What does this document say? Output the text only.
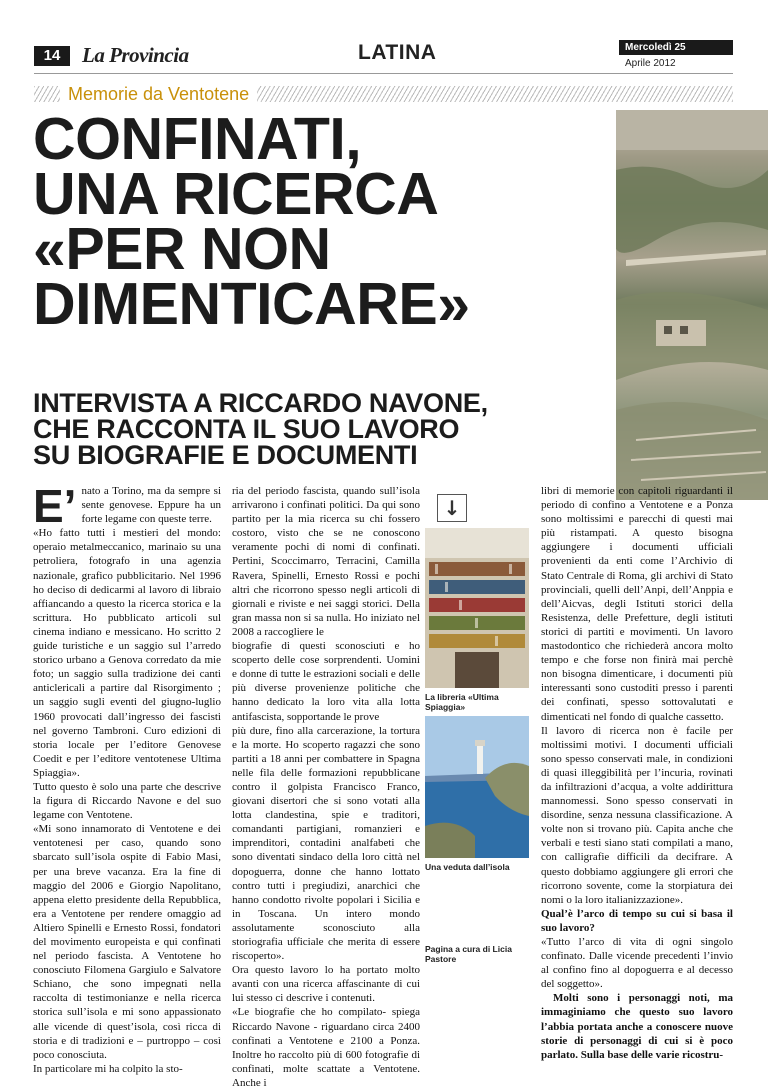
14	La Provincia	LATINA	Mercoledì 25
Aprile 2012
Memorie da Ventotene
CONFINATI,
UNA RICERCA
«PER NON
DIMENTICARE»
INTERVISTA A RICCARDO NAVONE,
CHE RACCONTA IL SUO LAVORO
SU BIOGRAFIE E DOCUMENTI
E’ nato a Torino, ma da sempre si sente genovese. Eppure ha un forte legame con queste terre.

«Ho fatto tutti i mestieri del mondo: operaio metalmeccanico, marinaio su una petroliera, fotografo in una agenzia nazionale, grafico pubblicitario. Nel 1996 ho deciso di dedicarmi al lavoro di libraio affiancando a questo la ricerca storica e la scrittura. Ho pubblicato articoli sul cinema indiano e messicano. Ho scritto 2 guide turistiche e un saggio sul l’arredo storico urbano a Genova corredato da mie foto; un saggio sulla tradizione dei canti anticlericali a partire dal Risorgimento ; un saggio sugli eventi del giugno-luglio 1960 provocati dall’ingresso dei fascisti nel governo Tambroni. Curo edizioni di storia locale per l’editore Genovese Coedit e per l’editore ventotenese Ultima Spiaggia».

Tutto questo è solo una parte che descrive la figura di Riccardo Navone e del suo legame con Ventotene.

«Mi sono innamorato di Ventotene e dei ventotenesi per caso, quando sono sbarcato sull’isola ospite di Fabio Masi, per una breve vacanza. Era la fine di maggio del 2006 e Giorgio Napolitano, appena eletto presidente della Repubblica, era a Ventotene per rendere omaggio ad Altiero Spinelli e Ernesto Rossi, fondatori del movimento europeista e qui confinati nel periodo fascista. A Ventotene ho conosciuto Filomena Gargiulo e Salvatore Schiano, che sono impegnati nella raccolta di testimonianze e nella ricerca storica sull’isola e mi sono appassionato alle vicende di quest’isola, così ricca di storia e di tradizioni e – purtroppo – così poco conosciuta.

In particolare mi ha colpito la sto-

ria del periodo fascista, quando sull’isola arrivarono i confinati politici. Da qui sono partito per la mia ricerca su chi fossero costoro, visto che se ne conoscono veramente pochi di nomi di confinati. Pertini, Scoccimarro, Terracini, Camilla Ravera, Spinelli, Ernesto Rossi e pochi altri che ricorrono spesso negli articoli di giornali e riviste e nei saggi storici. Della gran massa non si sa nulla. Ho iniziato nel 2008 a raccogliere le

biografie di questi sconosciuti e ho scoperto delle cose sorprendenti. Uomini e donne di tutte le estrazioni sociali e delle più diverse provenienze politiche che hanno dedicato la loro vita alla lotta antifascista, sopportande le prove

più dure, fino alla carcerazione, la tortura e la morte. Ho scoperto ragazzi che sono partiti a 18 anni per combattere in Spagna nelle fila delle formazioni repubblicane contro il golpista Francisco Franco, giovani disertori che si sono votati alla lotta clandestina, spie e traditori, comandanti partigiani, romanzieri e imprenditori, contadini analfabeti che sono diventati sindaco della loro città nel dopoguerra, donne che hanno lottato contro tutti i pregiudizi, anarchici che hanno condotto rivolte popolari i Sicilia e in Toscana. Un intero mondo assolutamente sconosciuto alla storiografia ufficiale che merita di essere riscoperto».

Ora questo lavoro lo ha portato molto avanti con una ricerca affascinante di cui lui stesso ci descrive i contenuti.

«Le biografie che ho compilato- spiega Riccardo Navone - riguardano circa 2400 confinati a Ventotene e 2100 a Ponza. Inoltre ho raccolto più di 600 fotografie di confinati, molte scattate a Ventotene. Anche i

↓
La libreria «Ultima Spiaggia»
Una veduta dall’isola
Pagina a cura di Licia Pastore

libri di memorie con capitoli riguardanti il periodo di confino a Ventotene e a Ponza sono moltissimi e parecchi di questi mai più ristampati. A questo bisogna aggiungere i documenti ufficiali provenienti da enti come l’Archivio di Stato Centrale di Roma, gli archivi di Stato provinciali, quelli dell’Anpi, dell’Anppia e dell’Aicvas, degli Istituti storici della Resistenza, delle Prefetture, degli istituti storici di partiti e movimenti. Un lavoro mastodontico che richiederà ancora molto tempo e che forse non finirà mai perchè non bisogna dimenticare, i documenti più interessanti sono custoditi presso i parenti dei confinati, spesso sottovalutati e dimenticati nel fondo di qualche cassetto.

Il lavoro di ricerca non è facile per moltissimi motivi. I documenti ufficiali sono spesso conservati male, in condizioni di quasi illeggibilità per l’incuria, rovinati da infiltrazioni d’acqua, a volte addirittura mannomessi. Sono spesso conservati in disordine, senza nessuna classificazione. A volte non si trovano più. Capita anche che verbali e testi siano stati compilati a mano, con calligrafie difficili da decifrare. A questo dobbiamo aggiungere gli errori che ricorrono sovente, come la storpiatura dei nomi o la loro italianizzazione».

Qual’è l’arco di tempo su cui si basa il suo lavoro?

«Tutto l’arco di vita di ogni singolo confinato. Dalle vicende precedenti l’invio al confino fino al dopoguerra e al decesso del soggetto».

Molti sono i personaggi noti, ma immaginiamo che questo suo lavoro l’abbia portata anche a conoscere nuove storie di personaggi di cui si è poco parlato. Sulla base delle varie ricostru-
